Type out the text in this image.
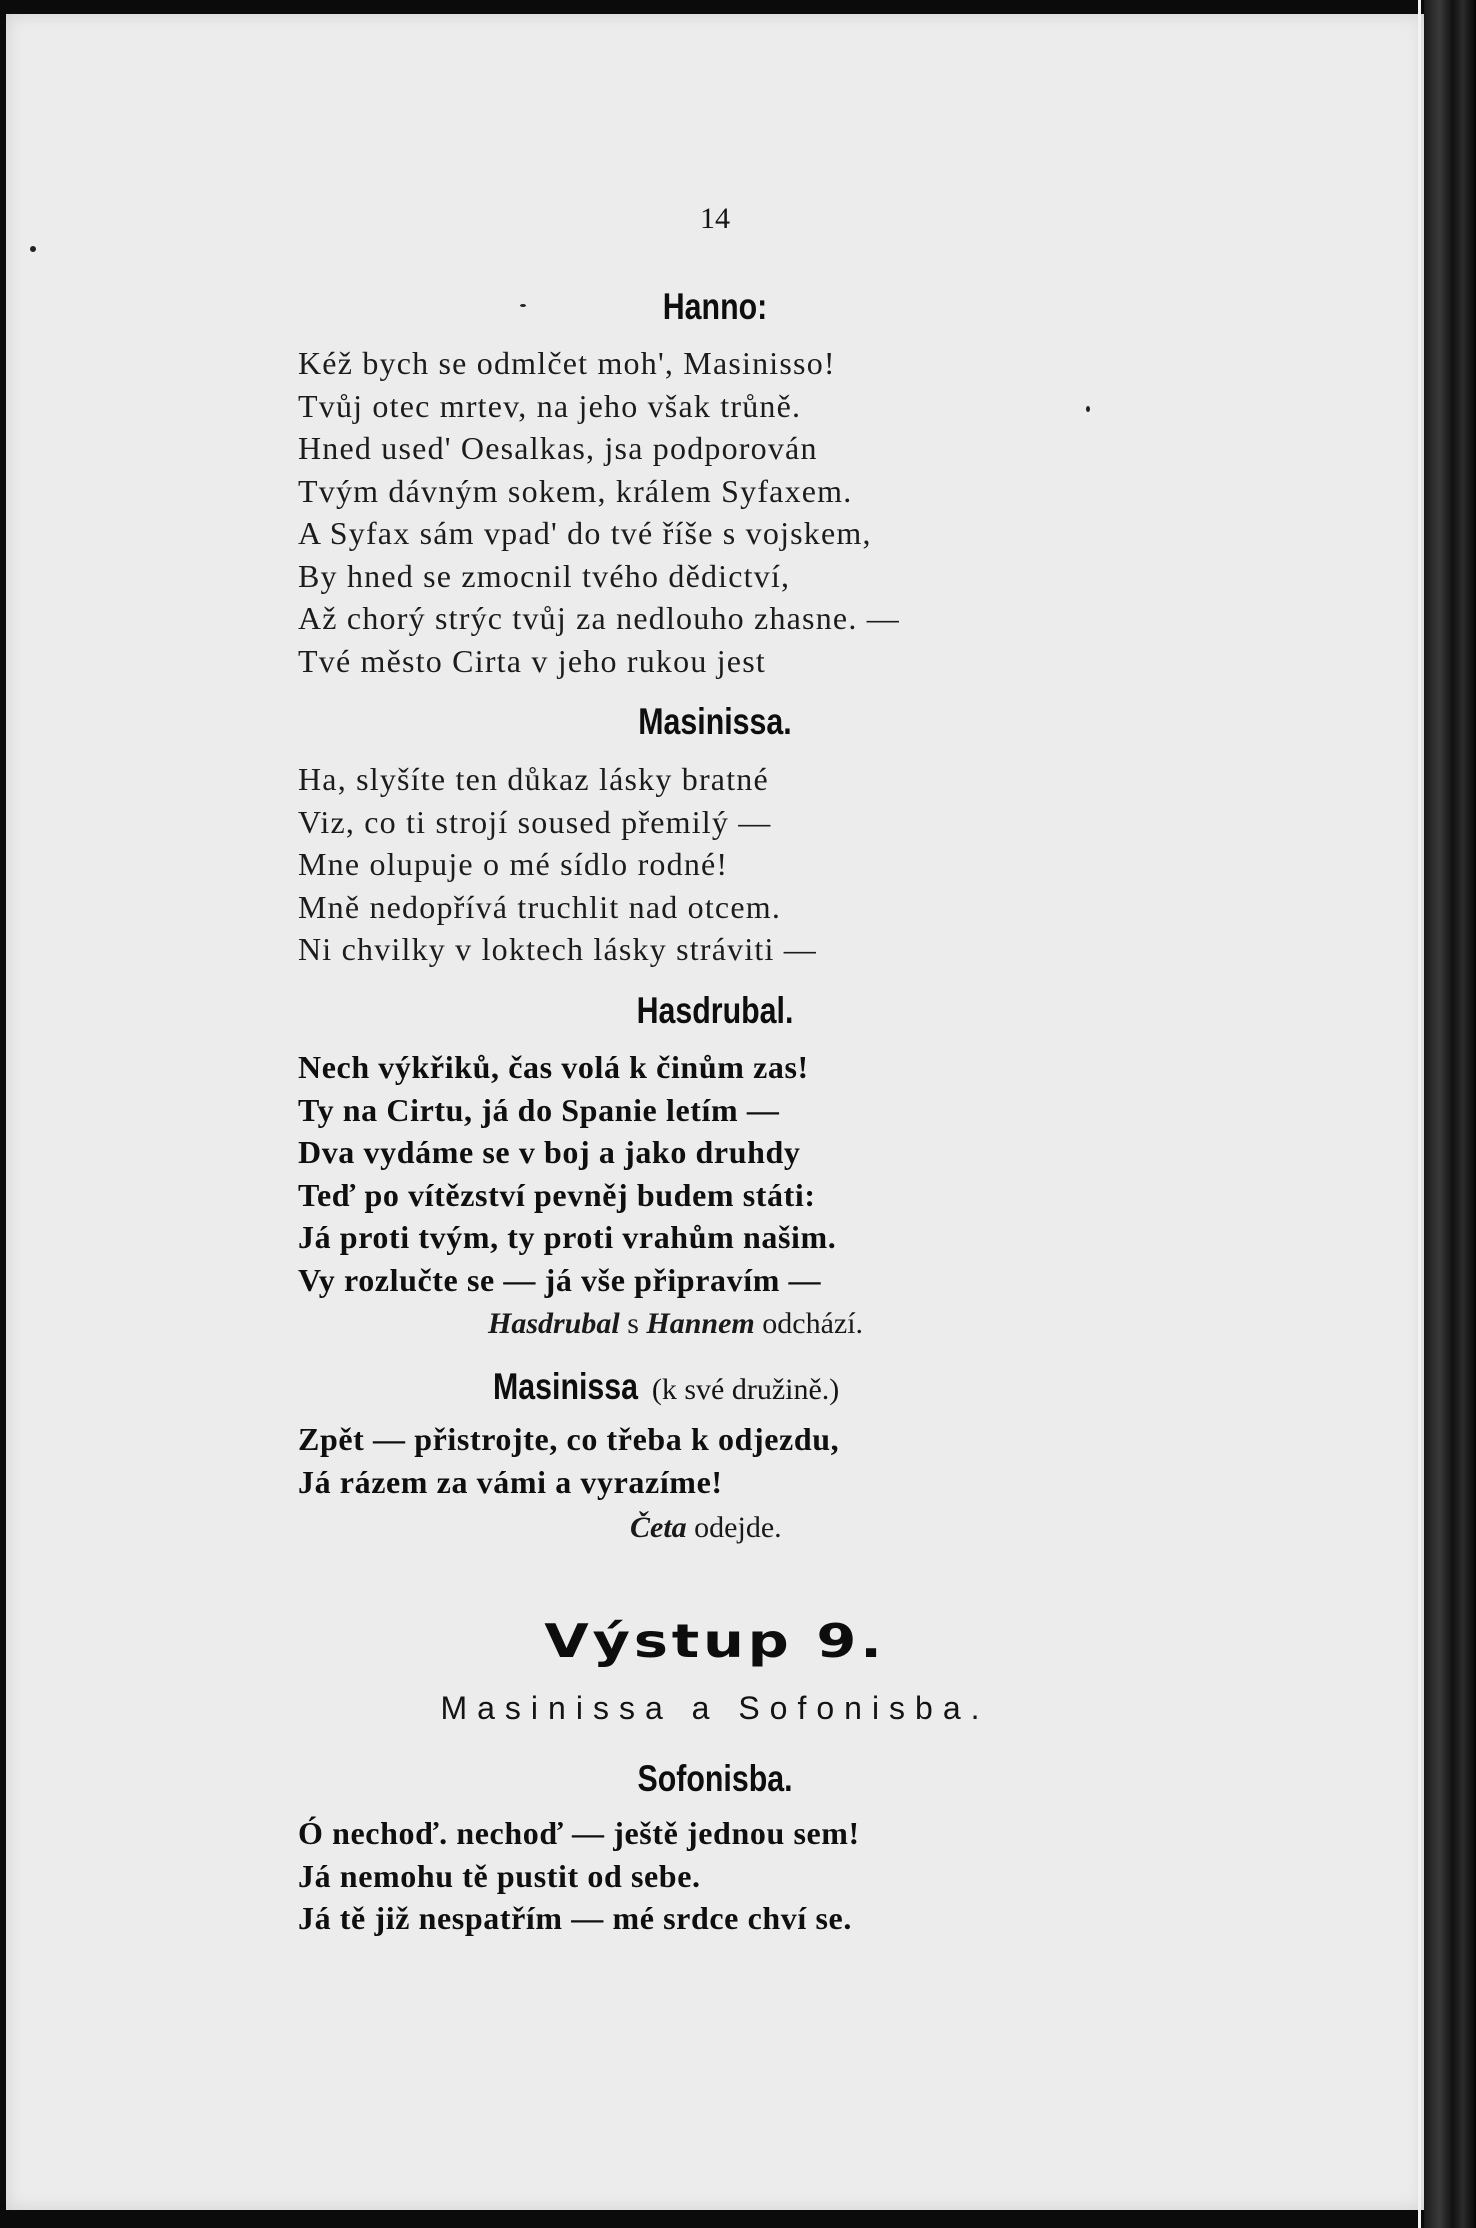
14

Hanno:

Kéž bych se odmlčet moh', Masinisso!
Tvůj otec mrtev, na jeho však trůně.
Hned used' Oesalkas, jsa podporován
Tvým dávným sokem, králem Syfaxem.
A Syfax sám vpad' do tvé říše s vojskem,
By hned se zmocnil tvého dědictví,
Až chorý strýc tvůj za nedlouho zhasne. —
Tvé město Cirta v jeho rukou jest

Masinissa.

Ha, slyšíte ten důkaz lásky bratné
Viz, co ti strojí soused přemilý —
Mne olupuje o mé sídlo rodné!
Mně nedopřívá truchlit nad otcem.
Ni chvilky v loktech lásky stráviti —

Hasdrubal.

Nech výkřiků, čas volá k činům zas!
Ty na Cirtu, já do Spanie letím —
Dva vydáme se v boj a jako druhdy
Teď po vítězství pevněj budem státi:
Já proti tvým, ty proti vrahům našim.
Vy rozlučte se — já vše připravím —

Hasdrubal s Hannem odchází.

Masinissa (k své družině.)

Zpět — přistrojte, co třeba k odjezdu,
Já rázem za vámi a vyrazíme!

Četa odejde.

Výstup 9.

Masinissa a Sofonisba.

Sofonisba.

Ó nechoď. nechoď — ještě jednou sem!
Já nemohu tě pustit od sebe.
Já tě již nespatřím — mé srdce chví se.
